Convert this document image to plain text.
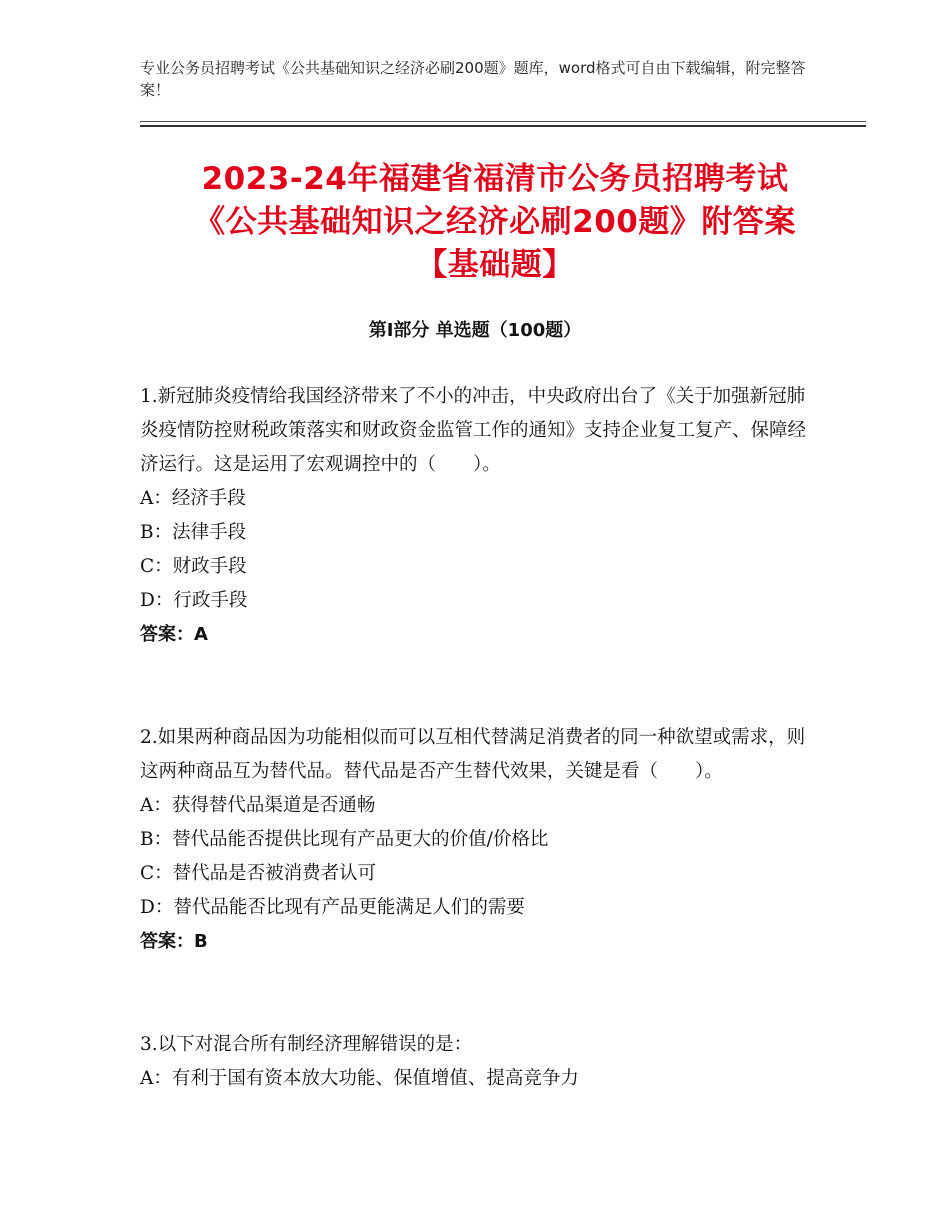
专业公务员招聘考试《公共基础知识之经济必刷200题》题库，word格式可自由下载编辑，附完整答案！
2023-24年福建省福清市公务员招聘考试
《公共基础知识之经济必刷200题》附答案
【基础题】
第Ⅰ部分 单选题（100题）
1.新冠肺炎疫情给我国经济带来了不小的冲击，中央政府出台了《关于加强新冠肺炎疫情防控财税政策落实和财政资金监管工作的通知》支持企业复工复产、保障经济运行。这是运用了宏观调控中的（　　）。
A：经济手段
B：法律手段
C：财政手段
D：行政手段
答案：A
2.如果两种商品因为功能相似而可以互相代替满足消费者的同一种欲望或需求，则这两种商品互为替代品。替代品是否产生替代效果，关键是看（　　）。
A：获得替代品渠道是否通畅
B：替代品能否提供比现有产品更大的价值/价格比
C：替代品是否被消费者认可
D：替代品能否比现有产品更能满足人们的需要
答案：B
3.以下对混合所有制经济理解错误的是：
A：有利于国有资本放大功能、保值增值、提高竞争力
